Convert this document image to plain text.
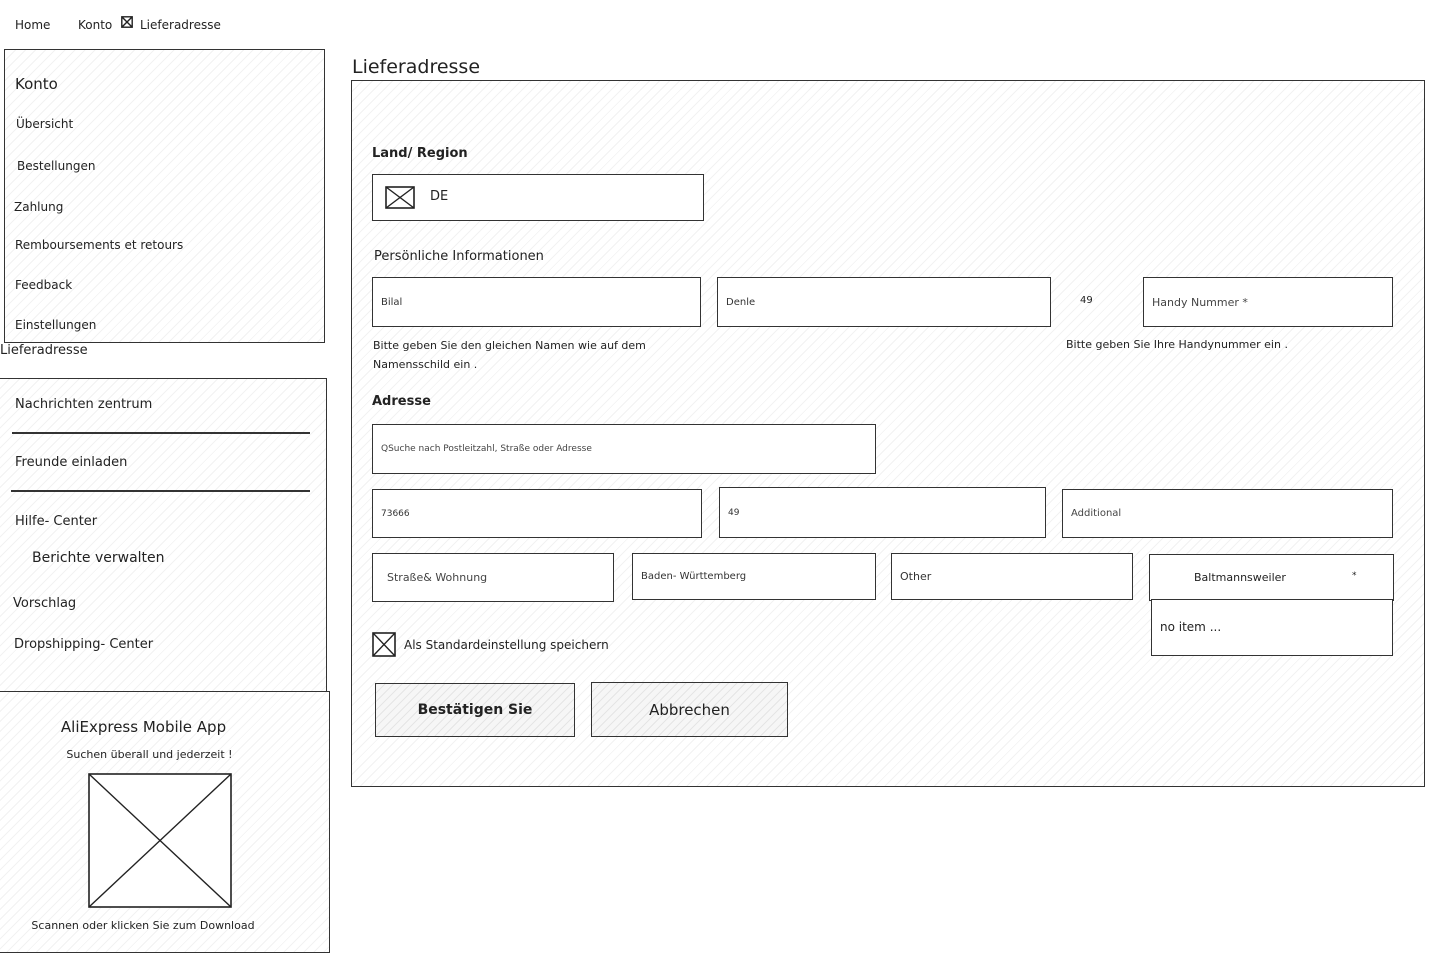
Home Konto Lieferadresse
Konto
Übersicht
Bestellungen
Zahlung
Remboursements et retours
Feedback
Einstellungen
Lieferadresse
Nachrichten zentrum
Freunde einladen
Hilfe- Center
Berichte verwalten
Vorschlag
Dropshipping- Center
AliExpress Mobile App
Suchen überall und jederzeit !
Scannen oder klicken Sie zum Download
Lieferadresse
Land/ Region
DE
Persönliche Informationen
Bilal
Denle
49
Handy Nummer *
Bitte geben Sie den gleichen Namen wie auf dem Namensschild ein .
Bitte geben Sie Ihre Handynummer ein .
Adresse
QSuche nach Postleitzahl, Straße oder Adresse
73666
49
Additional
Straße& Wohnung
Baden- Württemberg
Other
Baltmannsweiler	*
no item ...
Als Standardeinstellung speichern
Bestätigen Sie	Abbrechen
